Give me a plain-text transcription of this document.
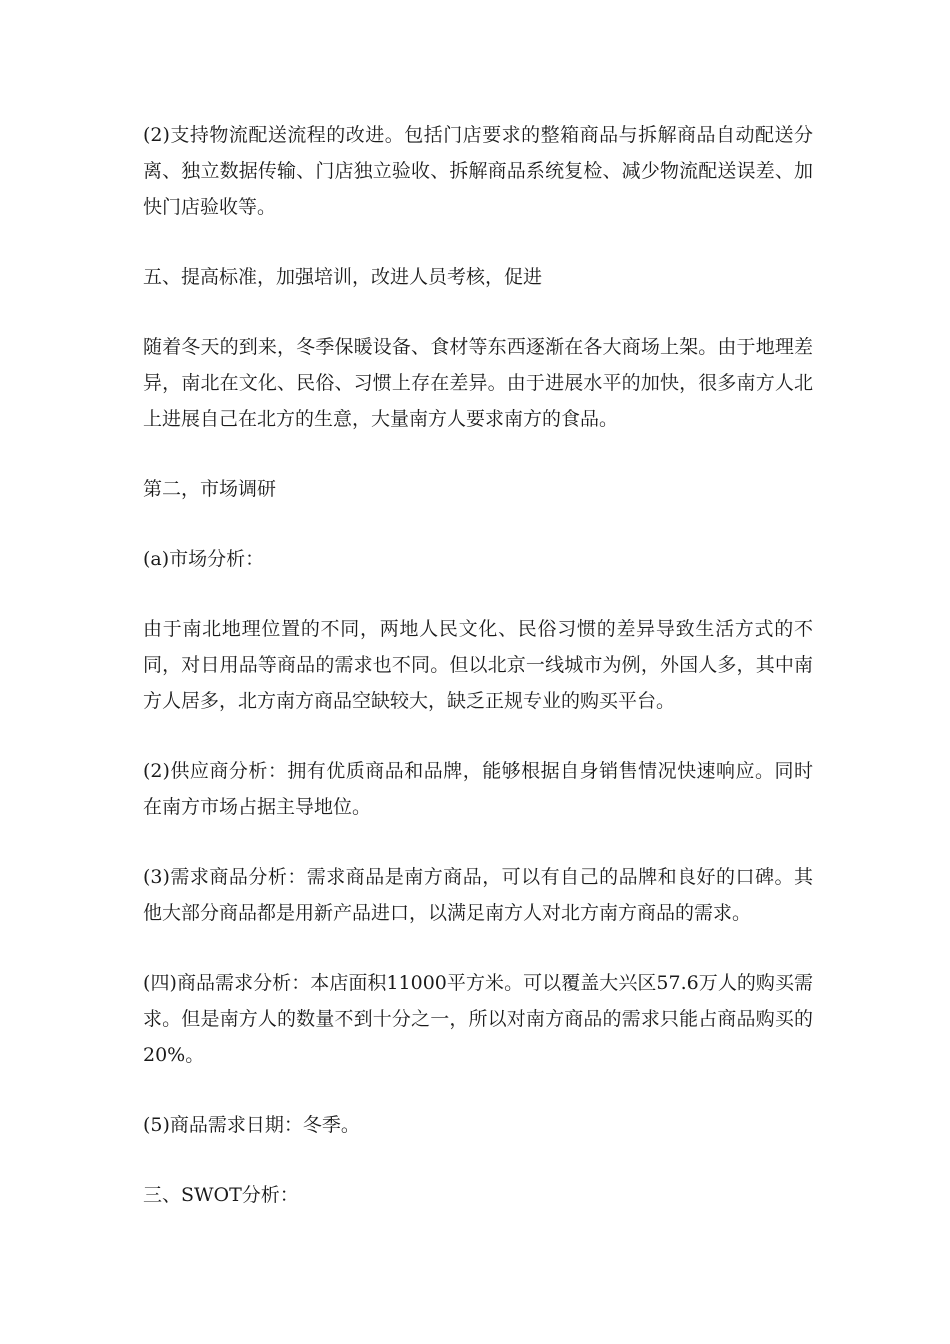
(2)支持物流配送流程的改进。包括门店要求的整箱商品与拆解商品自动配送分离、独立数据传输、门店独立验收、拆解商品系统复检、减少物流配送误差、加快门店验收等。

五、提高标准，加强培训，改进人员考核，促进

随着冬天的到来，冬季保暖设备、食材等东西逐渐在各大商场上架。由于地理差异，南北在文化、民俗、习惯上存在差异。由于进展水平的加快，很多南方人北上进展自己在北方的生意，大量南方人要求南方的食品。

第二，市场调研

(a)市场分析：

由于南北地理位置的不同，两地人民文化、民俗习惯的差异导致生活方式的不同，对日用品等商品的需求也不同。但以北京一线城市为例，外国人多，其中南方人居多，北方南方商品空缺较大，缺乏正规专业的购买平台。

(2)供应商分析：拥有优质商品和品牌，能够根据自身销售情况快速响应。同时在南方市场占据主导地位。

(3)需求商品分析：需求商品是南方商品，可以有自己的品牌和良好的口碑。其他大部分商品都是用新产品进口，以满足南方人对北方南方商品的需求。

(四)商品需求分析：本店面积11000平方米。可以覆盖大兴区57.6万人的购买需求。但是南方人的数量不到十分之一，所以对南方商品的需求只能占商品购买的20%。

(5)商品需求日期：冬季。

三、SWOT分析：
